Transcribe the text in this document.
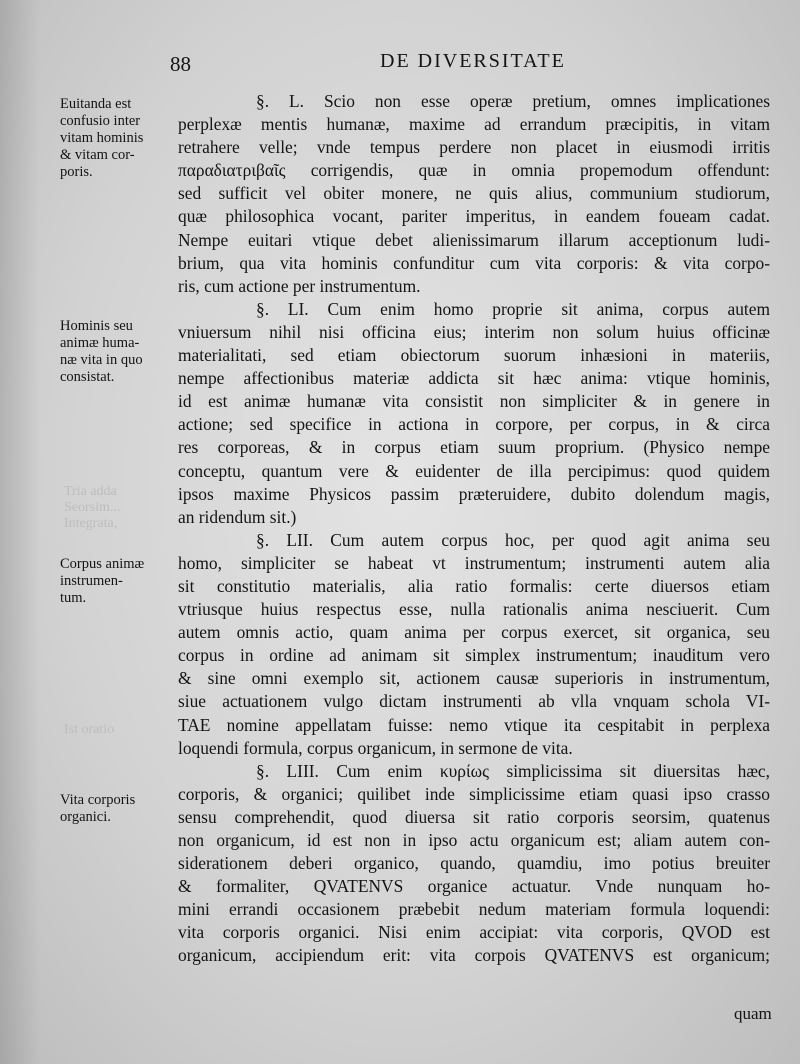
88	DE DIVERSITATE
Tria adda
Seorsim...
Integrata,
Ist oratio
Euitanda est
confusio inter
vitam hominis
& vitam cor-
poris.
Hominis seu
animæ huma-
næ vita in quo
consistat.
Corpus animæ
instrumen-
tum.
Vita corporis
organici.
§. L. Scio non esse operæ pretium, omnes implicationes
perplexæ mentis humanæ, maxime ad errandum præcipitis, in vitam
retrahere velle; vnde tempus perdere non placet in eiusmodi irritis
παραδιατριβαῖς corrigendis, quæ in omnia propemodum offendunt:
sed sufficit vel obiter monere, ne quis alius, communium studiorum,
quæ philosophica vocant, pariter imperitus, in eandem foueam cadat.
Nempe euitari vtique debet alienissimarum illarum acceptionum ludi-
brium, qua vita hominis confunditur cum vita corporis: & vita corpo-
ris, cum actione per instrumentum.
§. LI. Cum enim homo proprie sit anima, corpus autem
vniuersum nihil nisi officina eius; interim non solum huius officinæ
materialitati, sed etiam obiectorum suorum inhæsioni in materiis,
nempe affectionibus materiæ addicta sit hæc anima: vtique hominis,
id est animæ humanæ vita consistit non simpliciter & in genere in
actione; sed specifice in actiona in corpore, per corpus, in & circa
res corporeas, & in corpus etiam suum proprium. (Physico nempe
conceptu, quantum vere & euidenter de illa percipimus: quod quidem
ipsos maxime Physicos passim præteruidere, dubito dolendum magis,
an ridendum sit.)
§. LII. Cum autem corpus hoc, per quod agit anima seu
homo, simpliciter se habeat vt instrumentum; instrumenti autem alia
sit constitutio materialis, alia ratio formalis: certe diuersos etiam
vtriusque huius respectus esse, nulla rationalis anima nesciuerit. Cum
autem omnis actio, quam anima per corpus exercet, sit organica, seu
corpus in ordine ad animam sit simplex instrumentum; inauditum vero
& sine omni exemplo sit, actionem causæ superioris in instrumentum,
siue actuationem vulgo dictam instrumenti ab vlla vnquam schola VI-
TAE nomine appellatam fuisse: nemo vtique ita cespitabit in perplexa
loquendi formula, corpus organicum, in sermone de vita.
§. LIII. Cum enim κυρίως simplicissima sit diuersitas hæc,
corporis, & organici; quilibet inde simplicissime etiam quasi ipso crasso
sensu comprehendit, quod diuersa sit ratio corporis seorsim, quatenus
non organicum, id est non in ipso actu organicum est; aliam autem con-
siderationem deberi organico, quando, quamdiu, imo potius breuiter
& formaliter, QVATENVS organice actuatur. Vnde nunquam ho-
mini errandi occasionem præbebit nedum materiam formula loquendi:
vita corporis organici. Nisi enim accipiat: vita corporis, QVOD est
organicum, accipiendum erit: vita corpois QVATENVS est organicum;
quam
